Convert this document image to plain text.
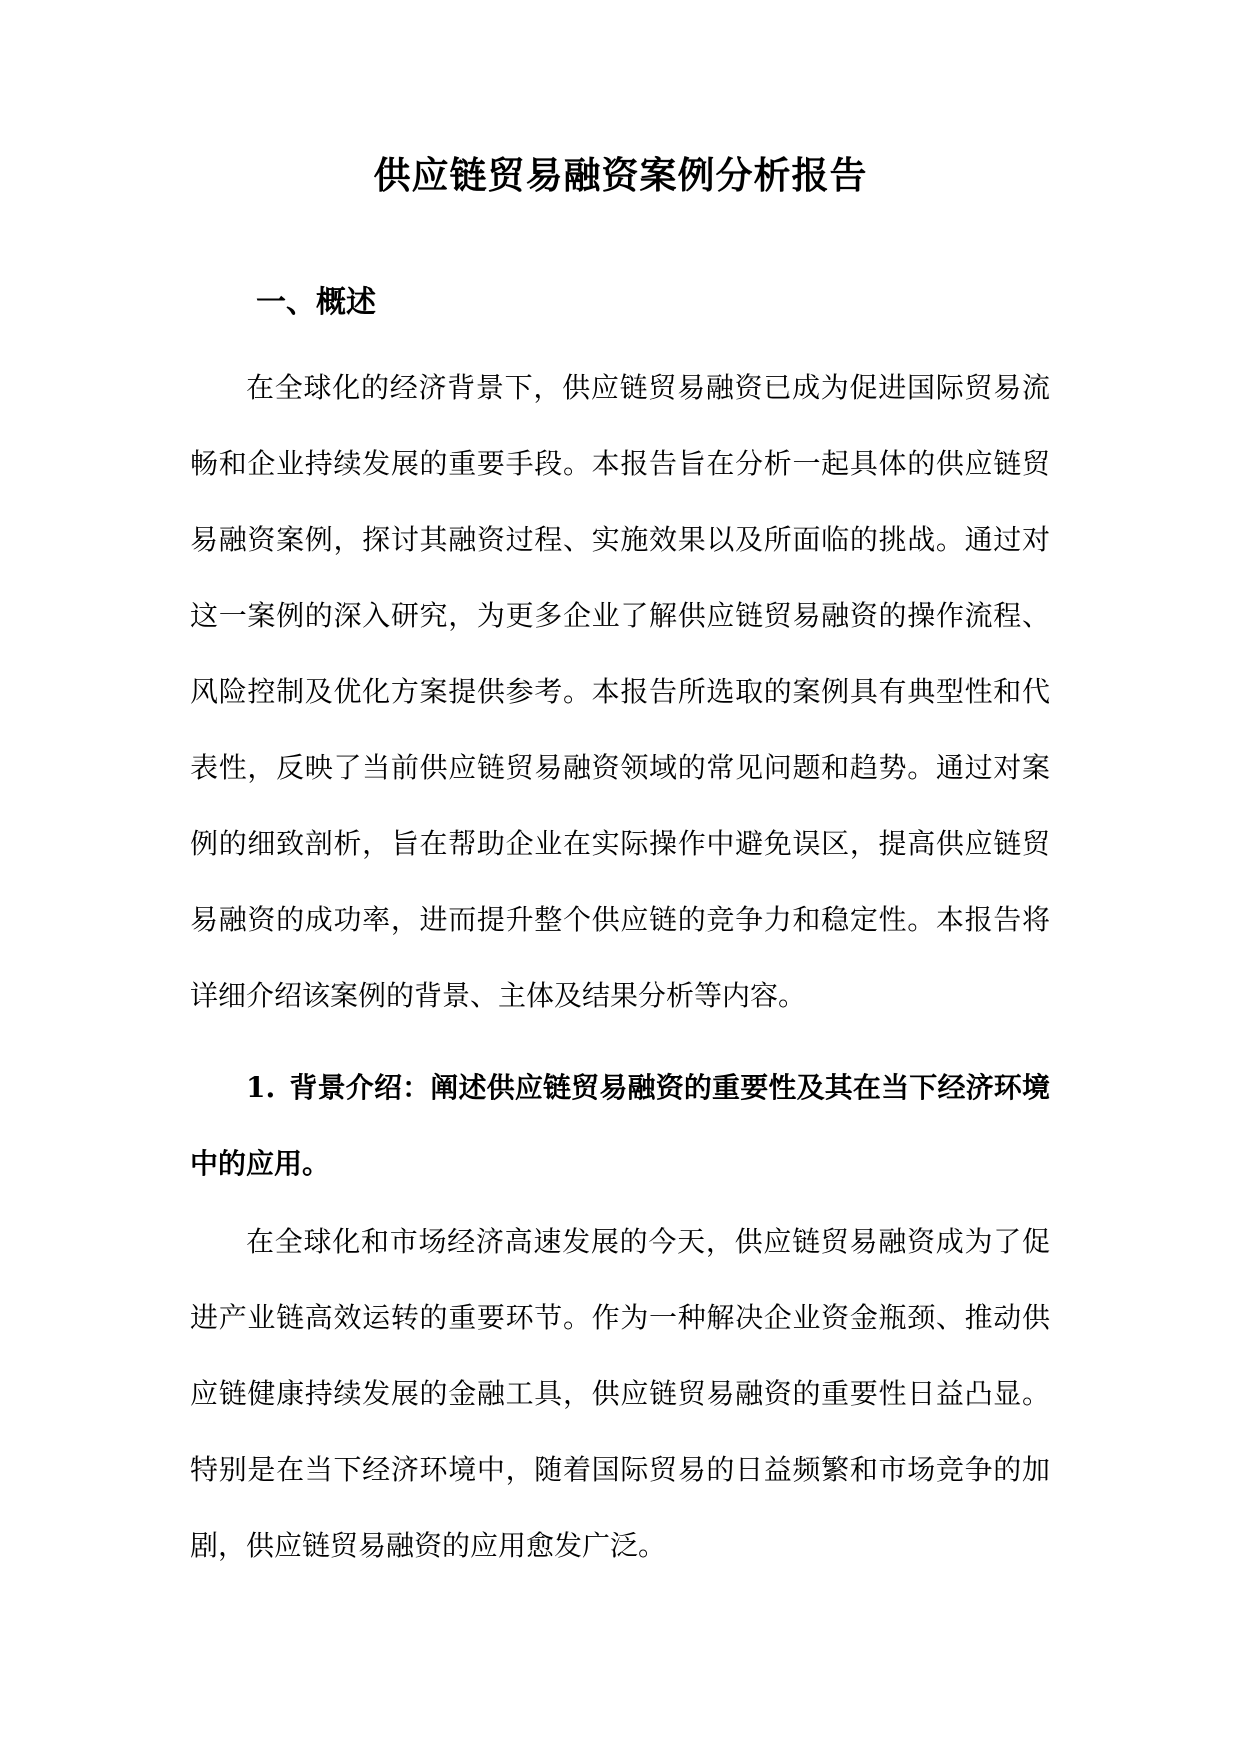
供应链贸易融资案例分析报告
一、概述

在全球化的经济背景下，供应链贸易融资已成为促进国际贸易流畅和企业持续发展的重要手段。本报告旨在分析一起具体的供应链贸易融资案例，探讨其融资过程、实施效果以及所面临的挑战。通过对这一案例的深入研究，为更多企业了解供应链贸易融资的操作流程、风险控制及优化方案提供参考。本报告所选取的案例具有典型性和代表性，反映了当前供应链贸易融资领域的常见问题和趋势。通过对案例的细致剖析，旨在帮助企业在实际操作中避免误区，提高供应链贸易融资的成功率，进而提升整个供应链的竞争力和稳定性。本报告将详细介绍该案例的背景、主体及结果分析等内容。

1. 背景介绍：阐述供应链贸易融资的重要性及其在当下经济环境中的应用。

在全球化和市场经济高速发展的今天，供应链贸易融资成为了促进产业链高效运转的重要环节。作为一种解决企业资金瓶颈、推动供应链健康持续发展的金融工具，供应链贸易融资的重要性日益凸显。特别是在当下经济环境中，随着国际贸易的日益频繁和市场竞争的加剧，供应链贸易融资的应用愈发广泛。
